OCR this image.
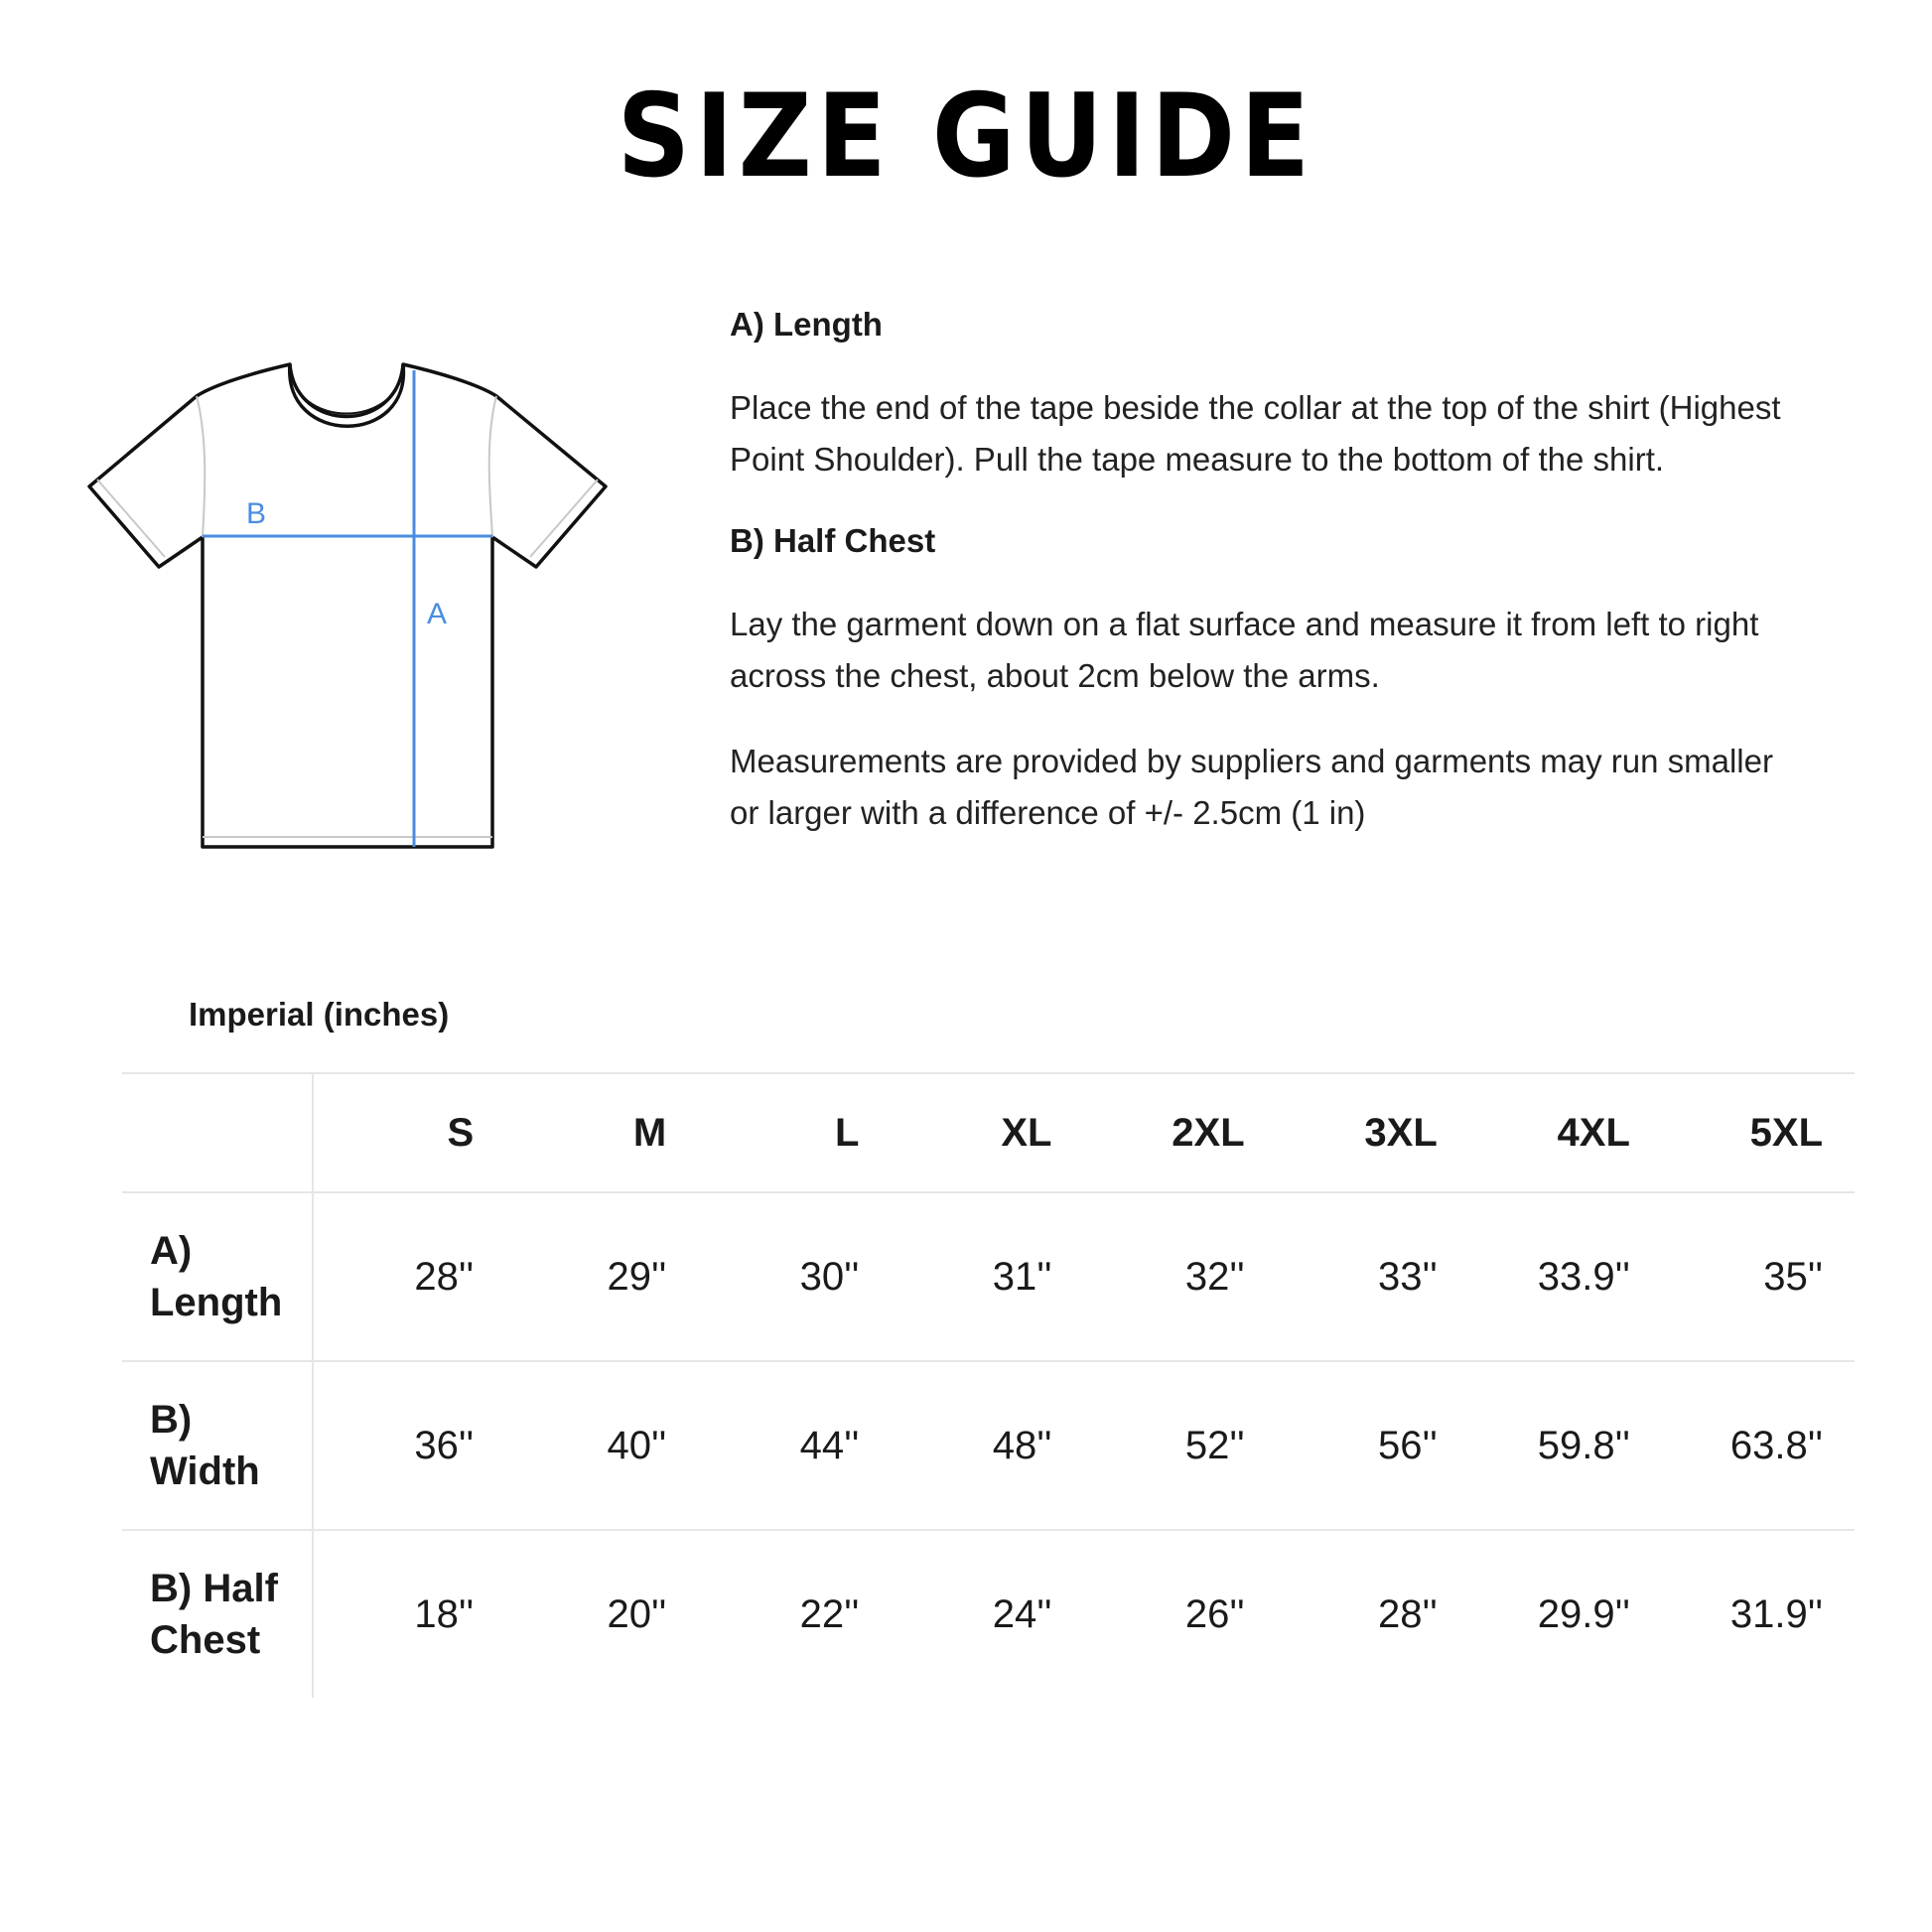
SIZE GUIDE
B
A
A) Length

Place the end of the tape beside the collar at the top of the shirt (Highest Point Shoulder). Pull the tape measure to the bottom of the shirt.

B) Half Chest

Lay the garment down on a flat surface and measure it from left to right across the chest, about 2cm below the arms.

Measurements are provided by suppliers and garments may run smaller or larger with a difference of +/- 2.5cm (1 in)

Imperial (inches)
	S	M	L	XL	2XL	3XL	4XL	5XL
A)
Length	28''	29''	30''	31''	32''	33''	33.9''	35''
B)
Width	36''	40''	44''	48''	52''	56''	59.8''	63.8''
B) Half
Chest	18''	20''	22''	24''	26''	28''	29.9''	31.9''
